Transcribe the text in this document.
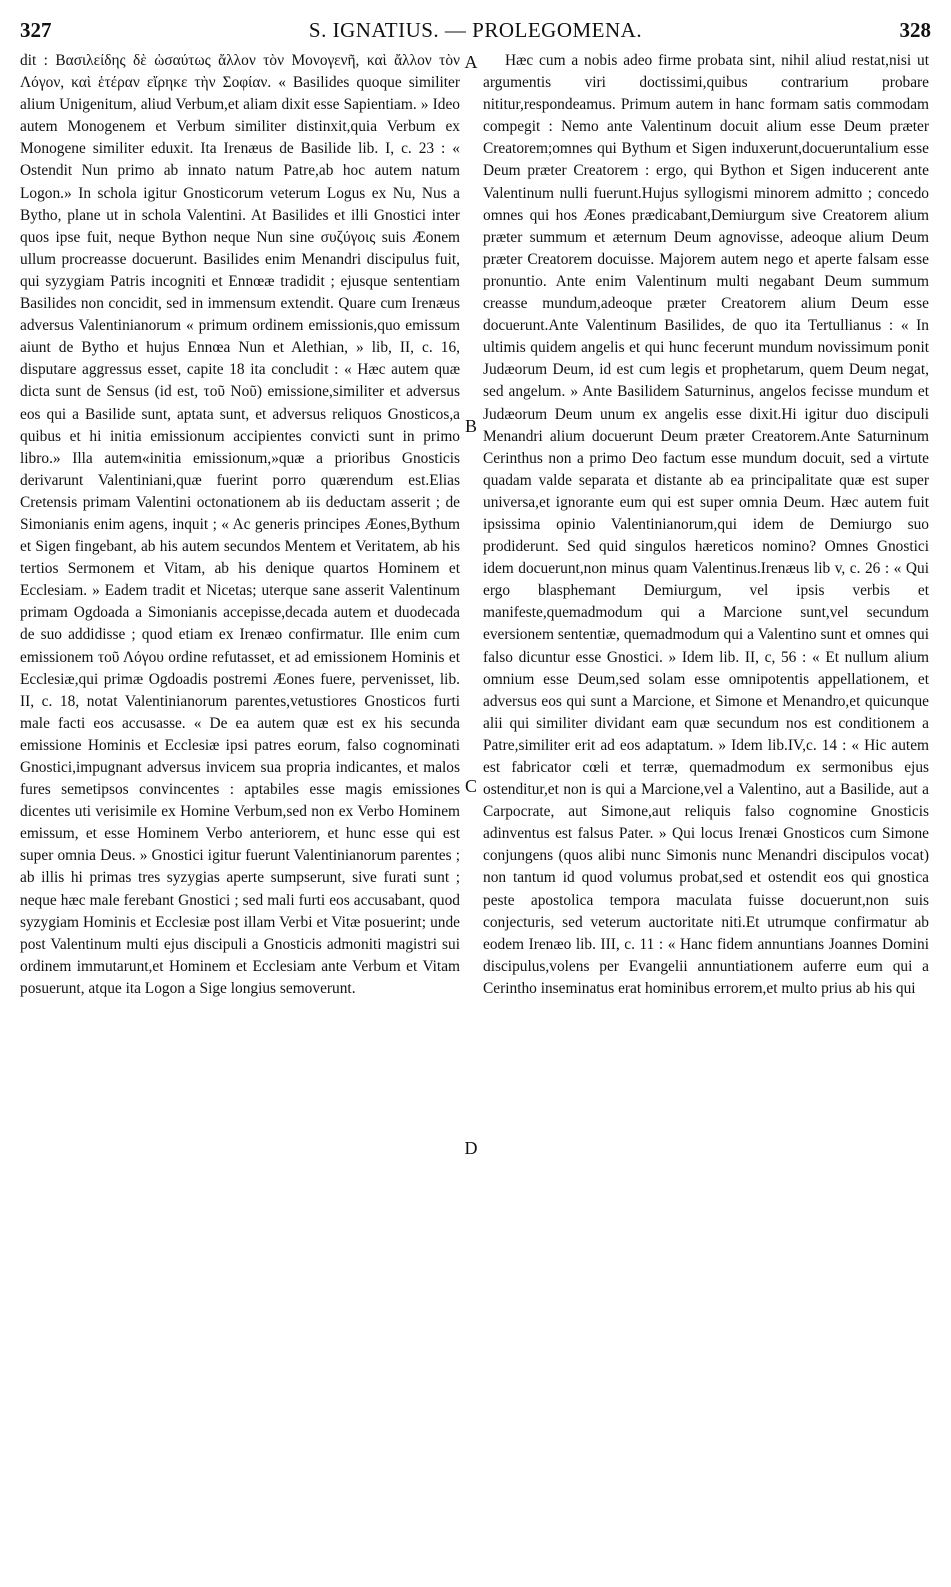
327	S. IGNATIUS. — PROLEGOMENA.	328

dit : Βασιλείδης δὲ ὡσαύτως ἄλλον τὸν Μονογενῆ, καὶ ἄλλον τὸν Λόγον, καὶ ἑτέραν εἴρηκε τὴν Σοφίαν. « Basilides quoque similiter alium Unigenitum, aliud Verbum,et aliam dixit esse Sapientiam. » Ideo autem Monogenem et Verbum similiter distinxit,quia Verbum ex Monogene similiter eduxit. Ita Irenæus de Basilide lib. I, c. 23 : « Ostendit Nun primo ab innato natum Patre,ab hoc autem natum Logon.» In schola igitur Gnosticorum veterum Logus ex Nu, Nus a Bytho, plane ut in schola Valentini. At Basilides et illi Gnostici inter quos ipse fuit, neque Bython neque Nun sine συζύγοις suis Æonem ullum procreasse docuerunt. Basilides enim Menandri discipulus fuit, qui syzygiam Patris incogniti et Ennœæ tradidit ; ejusque sententiam Basilides non concidit, sed in immensum extendit. Quare cum Irenæus adversus Valentinianorum « primum ordinem emissionis,quo emissum aiunt de Bytho et hujus Ennœa Nun et Alethian, » lib, II, c. 16, disputare aggressus esset, capite 18 ita concludit : « Hæc autem quæ dicta sunt de Sensus (id est, τοῦ Νοῦ) emissione,similiter et adversus eos qui a Basilide sunt, aptata sunt, et adversus reliquos Gnosticos,a quibus et hi initia emissionum accipientes convicti sunt in primo libro.» Illa autem«initia emissionum,»quæ a prioribus Gnosticis derivarunt Valentiniani,quæ fuerint porro quærendum est.Elias Cretensis primam Valentini octonationem ab iis deductam asserit ; de Simonianis enim agens, inquit ; « Ac generis principes Æones,Bythum et Sigen fingebant, ab his autem secundos Mentem et Veritatem, ab his tertios Sermonem et Vitam, ab his denique quartos Hominem et Ecclesiam. » Eadem tradit et Nicetas; uterque sane asserit Valentinum primam Ogdoada a Simonianis accepisse,decada autem et duodecada de suo addidisse ; quod etiam ex Irenæo confirmatur. Ille enim cum emissionem τοῦ Λόγου ordine refutasset, et ad emissionem Hominis et Ecclesiæ,qui primæ Ogdoadis postremi Æones fuere, pervenisset, lib. II, c. 18, notat Valentinianorum parentes,vetustiores Gnosticos furti male facti eos accusasse. « De ea autem quæ est ex his secunda emissione Hominis et Ecclesiæ ipsi patres eorum, falso cognominati Gnostici,impugnant adversus invicem sua propria indicantes, et malos fures semetipsos convincentes : aptabiles esse magis emissiones dicentes uti verisimile ex Homine Verbum,sed non ex Verbo Hominem emissum, et esse Hominem Verbo anteriorem, et hunc esse qui est super omnia Deus. » Gnostici igitur fuerunt Valentinianorum parentes ; ab illis hi primas tres syzygias aperte sumpserunt, sive furati sunt ; neque hæc male ferebant Gnostici ; sed mali furti eos accusabant, quod syzygiam Hominis et Ecclesiæ post illam Verbi et Vitæ posuerint; unde post Valentinum multi ejus discipuli a Gnosticis admoniti magistri sui ordinem immutarunt,et Hominem et Ecclesiam ante Verbum et Vitam posuerunt, atque ita Logon a Sige longius semoverunt.

A
B
C
D

Hæc cum a nobis adeo firme probata sint, nihil aliud restat,nisi ut argumentis viri doctissimi,quibus contrarium probare nititur,respondeamus. Primum autem in hanc formam satis commodam compegit : Nemo ante Valentinum docuit alium esse Deum præter Creatorem;omnes qui Bythum et Sigen induxerunt,docueruntalium esse Deum præter Creatorem : ergo, qui Bython et Sigen inducerent ante Valentinum nulli fuerunt.Hujus syllogismi minorem admitto ; concedo omnes qui hos Æones prædicabant,Demiurgum sive Creatorem alium præter summum et æternum Deum agnovisse, adeoque alium Deum præter Creatorem docuisse. Majorem autem nego et aperte falsam esse pronuntio. Ante enim Valentinum multi negabant Deum summum creasse mundum,adeoque præter Creatorem alium Deum esse docuerunt.Ante Valentinum Basilides, de quo ita Tertullianus : « In ultimis quidem angelis et qui hunc fecerunt mundum novissimum ponit Judæorum Deum, id est cum legis et prophetarum, quem Deum negat, sed angelum. » Ante Basilidem Saturninus, angelos fecisse mundum et Judæorum Deum unum ex angelis esse dixit.Hi igitur duo discipuli Menandri alium docuerunt Deum præter Creatorem.Ante Saturninum Cerinthus non a primo Deo factum esse mundum docuit, sed a virtute quadam valde separata et distante ab ea principalitate quæ est super universa,et ignorante eum qui est super omnia Deum. Hæc autem fuit ipsissima opinio Valentinianorum,qui idem de Demiurgo suo prodiderunt. Sed quid singulos hæreticos nomino? Omnes Gnostici idem docuerunt,non minus quam Valentinus.Irenæus lib v, c. 26 : « Qui ergo blasphemant Demiurgum, vel ipsis verbis et manifeste,quemadmodum qui a Marcione sunt,vel secundum eversionem sententiæ, quemadmodum qui a Valentino sunt et omnes qui falso dicuntur esse Gnostici. » Idem lib. II, c, 56 : « Et nullum alium omnium esse Deum,sed solam esse omnipotentis appellationem, et adversus eos qui sunt a Marcione, et Simone et Menandro,et quicunque alii qui similiter dividant eam quæ secundum nos est conditionem a Patre,similiter erit ad eos adaptatum. » Idem lib.IV,c. 14 : « Hic autem est fabricator cœli et terræ, quemadmodum ex sermonibus ejus ostenditur,et non is qui a Marcione,vel a Valentino, aut a Basilide, aut a Carpocrate, aut Simone,aut reliquis falso cognomine Gnosticis adinventus est falsus Pater. » Qui locus Irenæi Gnosticos cum Simone conjungens (quos alibi nunc Simonis nunc Menandri discipulos vocat) non tantum id quod volumus probat,sed et ostendit eos qui gnostica peste apostolica tempora maculata fuisse docuerunt,non suis conjecturis, sed veterum auctoritate niti.Et utrumque confirmatur ab eodem Irenæo lib. III, c. 11 : « Hanc fidem annuntians Joannes Domini discipulus,volens per Evangelii annuntiationem auferre eum qui a Cerintho inseminatus erat hominibus errorem,et multo prius ab his qui
